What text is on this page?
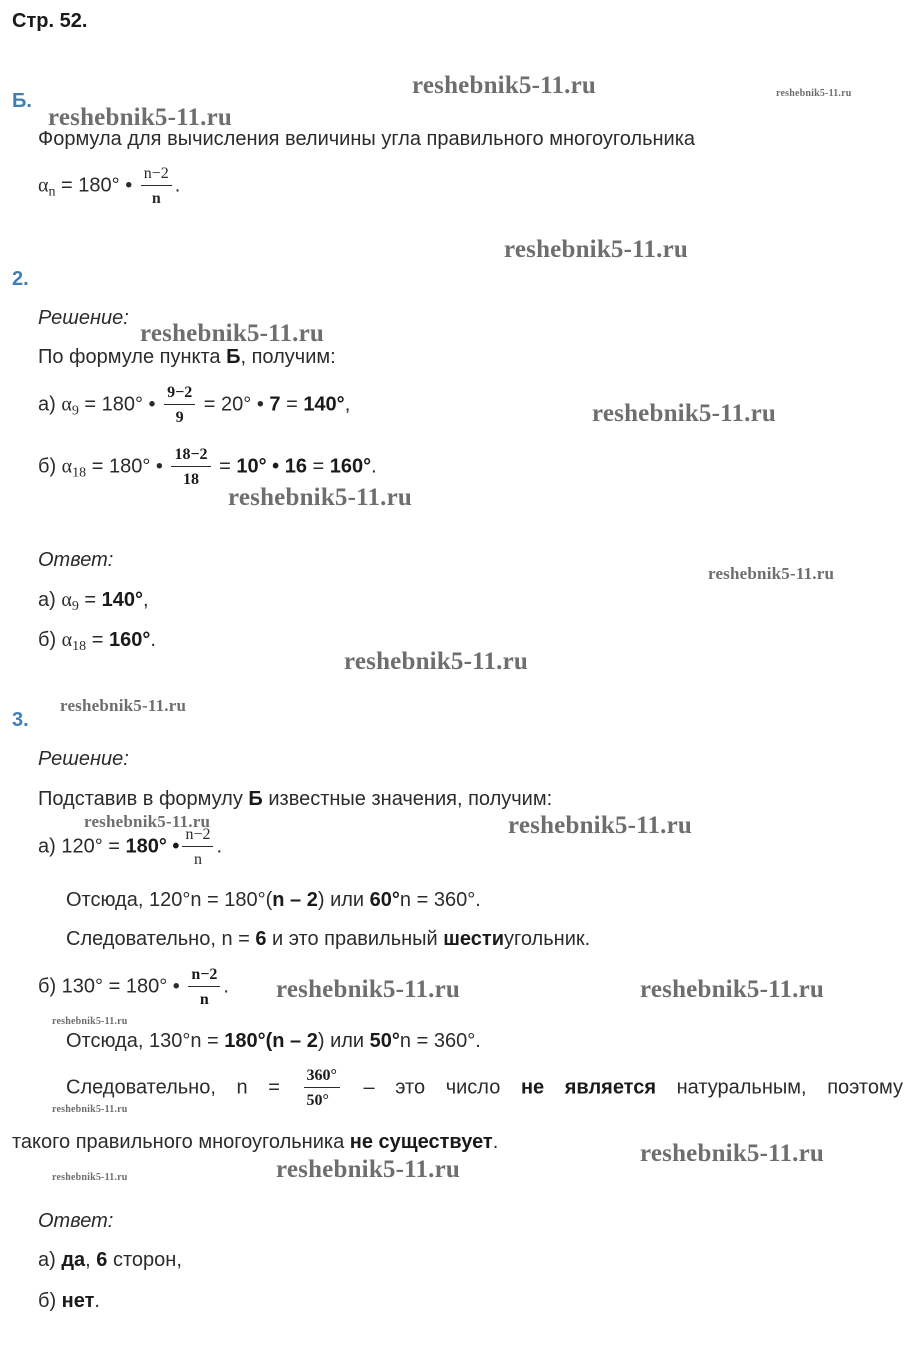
Стр. 52.
Б.
Формула для вычисления величины угла правильного многоугольника
$\alpha_n = 180^\circ$ • $\frac{n-2}{n}$ .
2.
Решение:
По формуле пункта Б, получим:
а) $\alpha_9 = 180^\circ$ • $\frac{9-2}{9} = 20^\circ$ • 7 = 140°,
б) $\alpha_{18} = 180^\circ$ • $\frac{18-2}{18} = 10^\circ$ • 16 = 160°.
Ответ:
а) $\alpha_9 = 140^\circ$,
б) $\alpha_{18} = 160^\circ$.
3.
Решение:
Подставив в формулу Б известные значения, получим:
а) 120° = 180° • $\frac{n-2}{n}$ .
Отсюда, 120°n = 180°(n – 2) или 60°n = 360°.
Следовательно, n = 6 и это правильный шестиугольник.
б) 130° = 180° • $\frac{n-2}{n}$ .
Отсюда, 130°n = 180°(n – 2) или 50°n = 360°.
Следовательно, $n = \frac{360^\circ}{50^\circ}$ – это число не является натуральным, поэтому
такого правильного многоугольника не существует.
Ответ:
а) да, 6 сторон,
б) нет.
reshebnik5-11.ru	reshebnik5-11.ru
reshebnik5-11.ru
reshebnik5-11.ru
reshebnik5-11.ru
reshebnik5-11.ru
reshebnik5-11.ru
reshebnik5-11.ru
reshebnik5-11.ru
reshebnik5-11.ru
reshebnik5-11.ru	reshebnik5-11.ru
reshebnik5-11.ru	reshebnik5-11.ru
reshebnik5-11.ru
reshebnik5-11.ru
reshebnik5-11.ru
reshebnik5-11.ru
reshebnik5-11.ru
